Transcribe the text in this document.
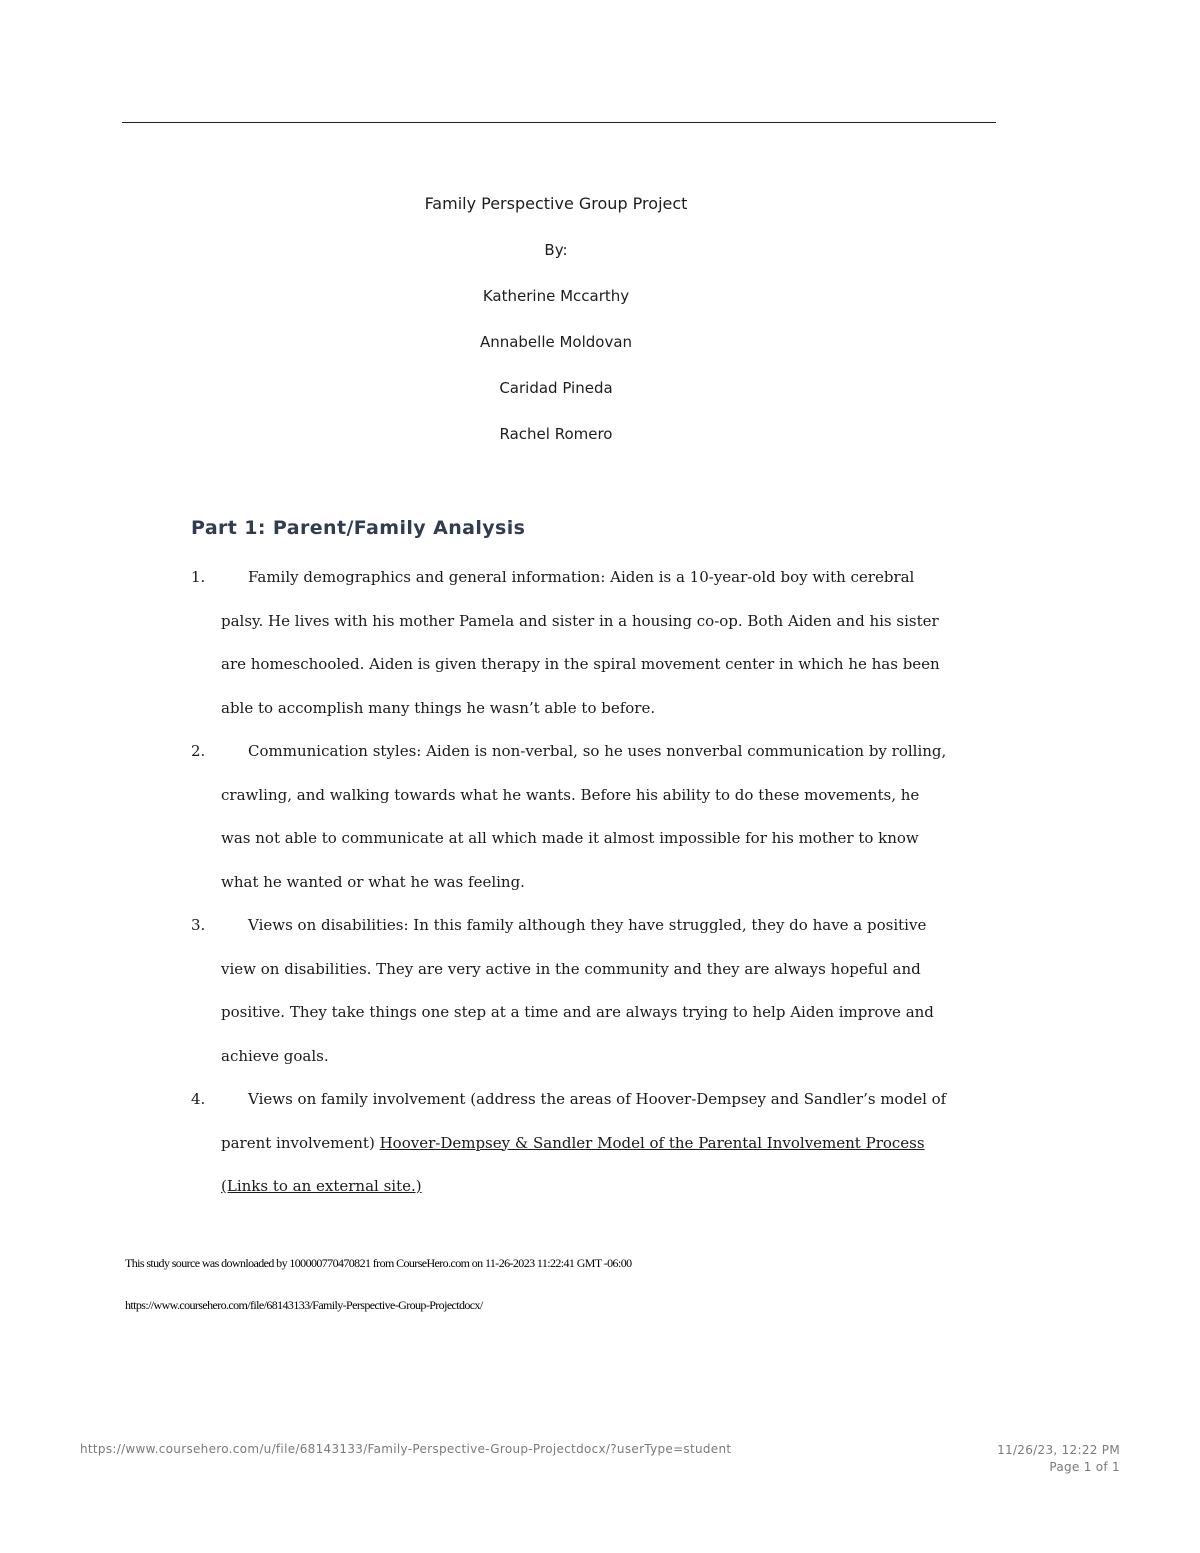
Family Perspective Group Project
By:
Katherine Mccarthy
Annabelle Moldovan
Caridad Pineda
Rachel Romero
Part 1: Parent/Family Analysis
1.	Family demographics and general information: Aiden is a 10-year-old boy with cerebral palsy. He lives with his mother Pamela and sister in a housing co-op. Both Aiden and his sister are homeschooled. Aiden is given therapy in the spiral movement center in which he has been able to accomplish many things he wasn’t able to before.
2.	Communication styles: Aiden is non-verbal, so he uses nonverbal communication by rolling, crawling, and walking towards what he wants. Before his ability to do these movements, he was not able to communicate at all which made it almost impossible for his mother to know what he wanted or what he was feeling.
3.	Views on disabilities: In this family although they have struggled, they do have a positive view on disabilities. They are very active in the community and they are always hopeful and positive. They take things one step at a time and are always trying to help Aiden improve and achieve goals.
4.	Views on family involvement (address the areas of Hoover-Dempsey and Sandler’s model of parent involvement) Hoover-Dempsey & Sandler Model of the Parental Involvement Process (Links to an external site.)
This study source was downloaded by 100000770470821 from CourseHero.com on 11-26-2023 11:22:41 GMT -06:00
https://www.coursehero.com/file/68143133/Family-Perspective-Group-Projectdocx/
https://www.coursehero.com/u/file/68143133/Family-Perspective-Group-Projectdocx/?userType=student	11/26/23, 12:22 PM
Page 1 of 1
